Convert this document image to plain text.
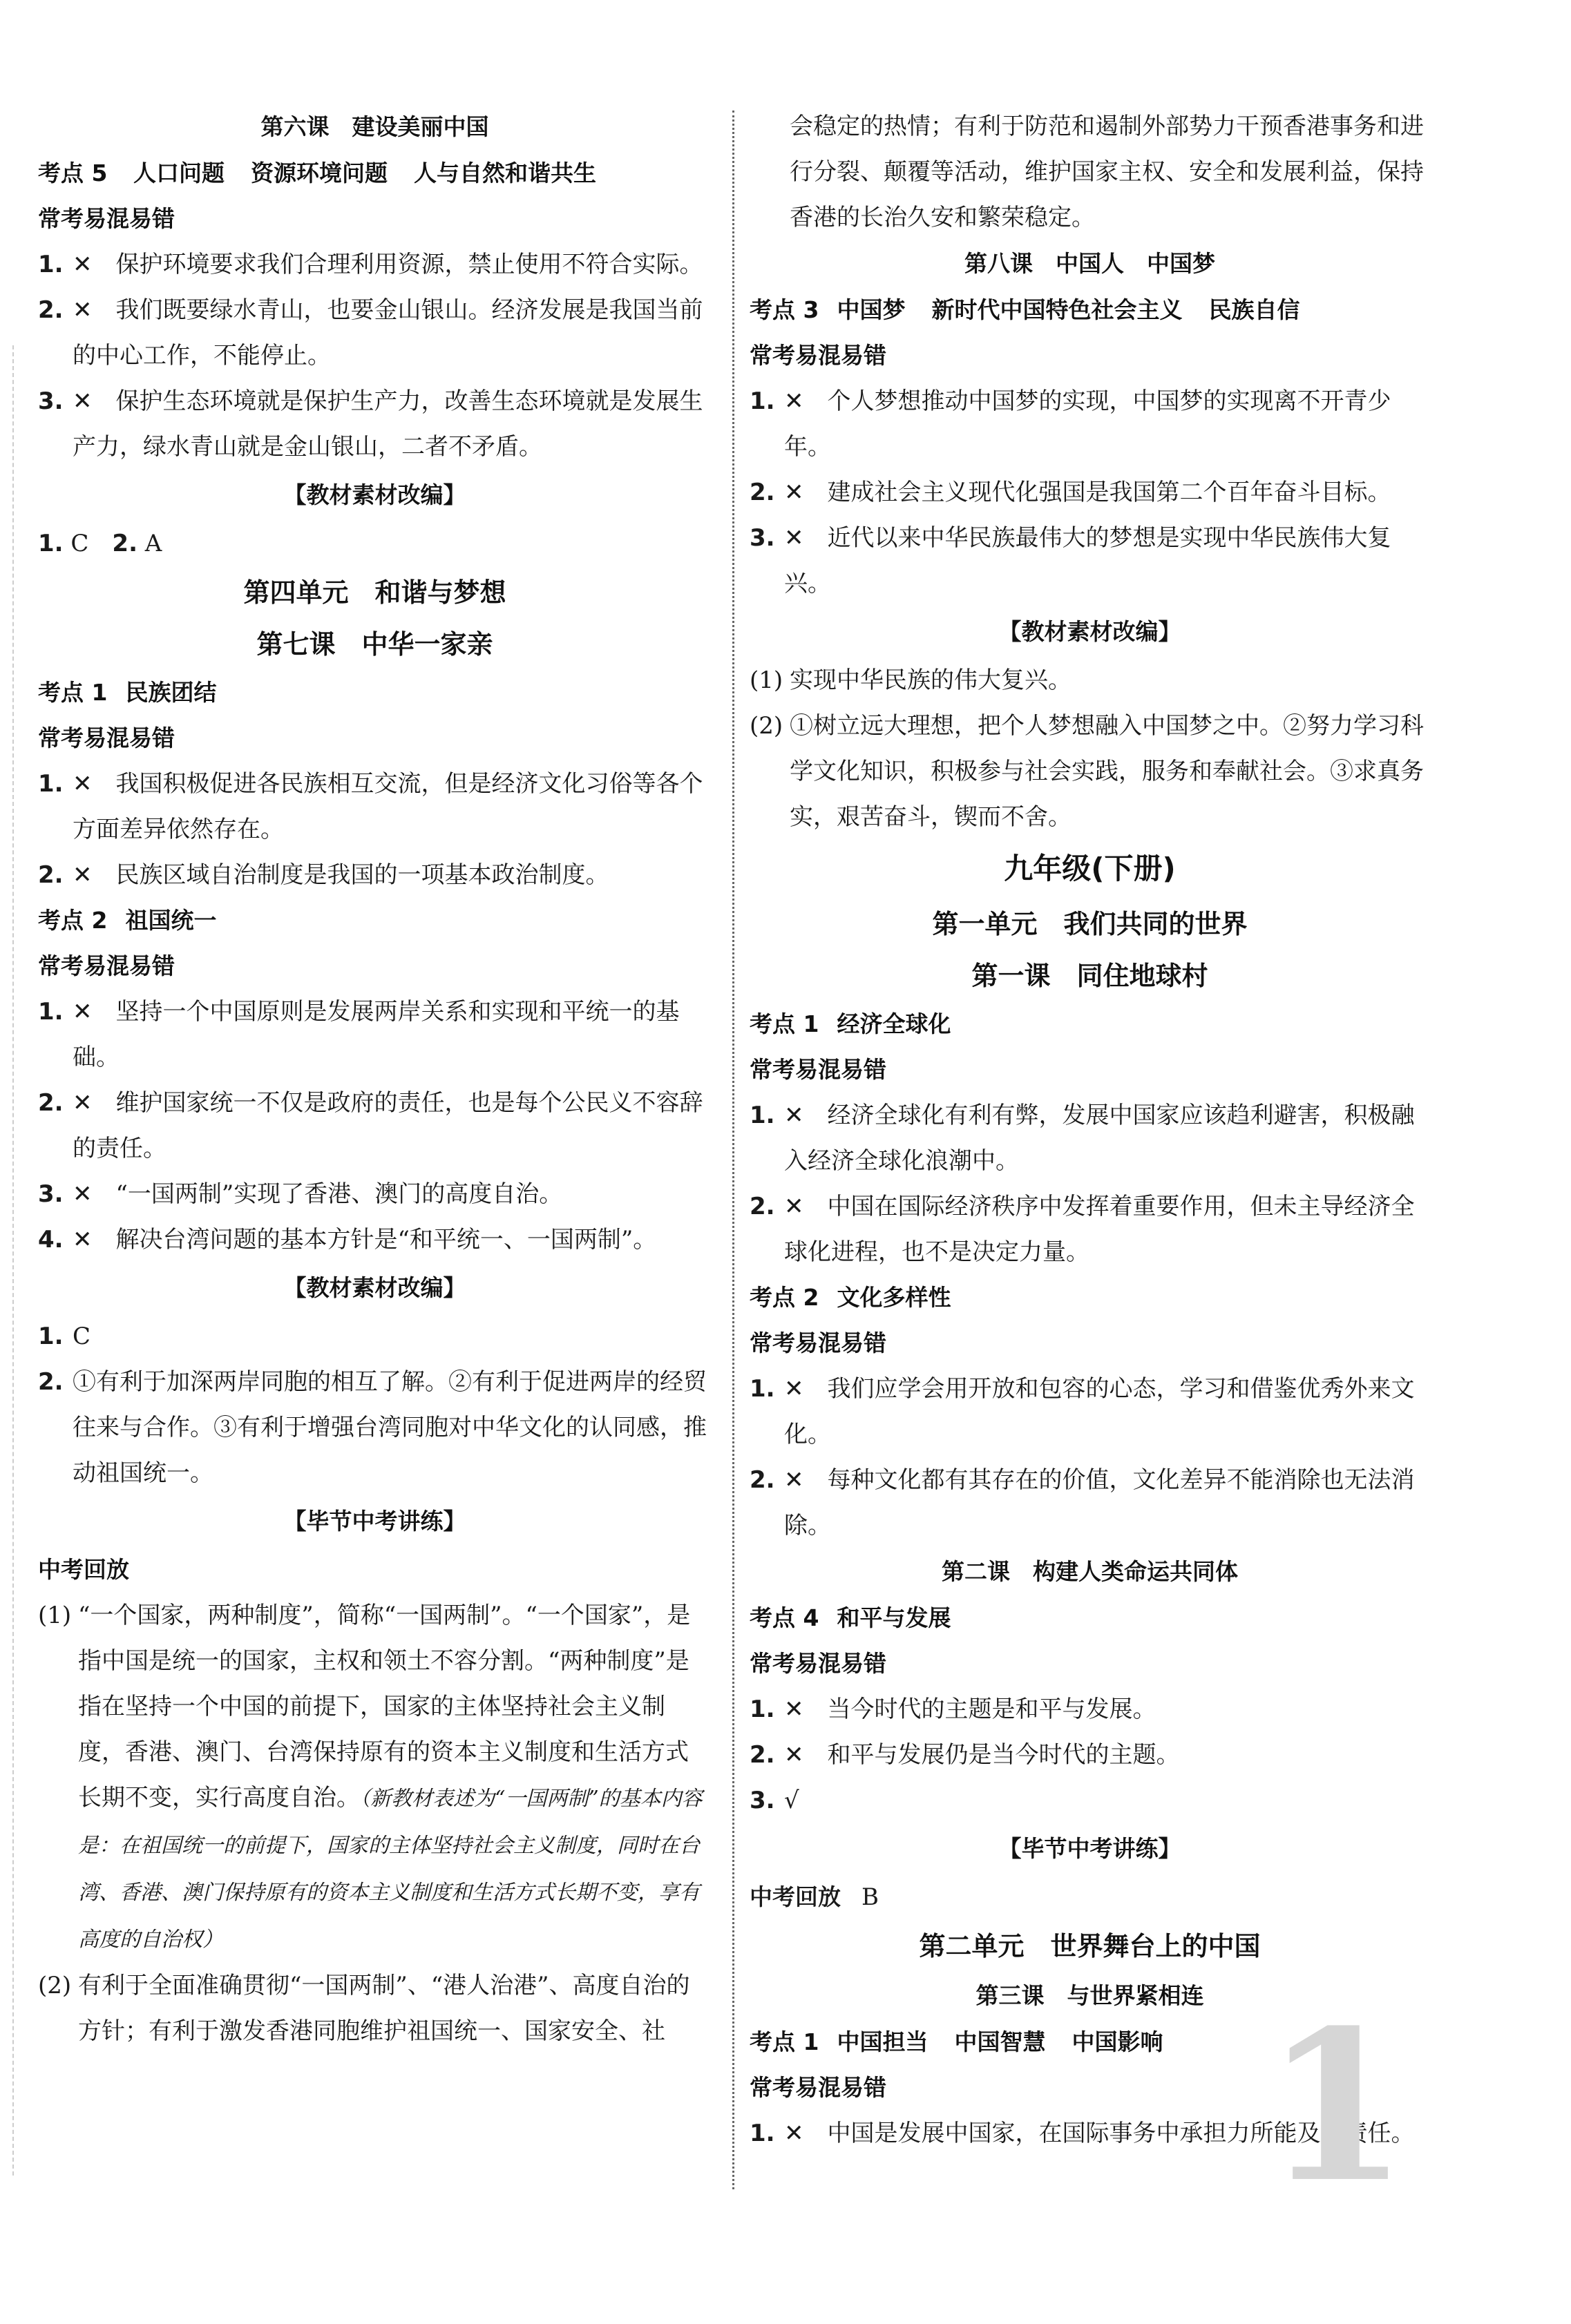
第六课　建设美丽中国
考点 5 人口问题 资源环境问题 人与自然和谐共生
常考易混易错
1. ✕　保护环境要求我们合理利用资源，禁止使用不符合实际。
2. ✕　我们既要绿水青山，也要金山银山。经济发展是我国当前的中心工作，不能停止。
3. ✕　保护生态环境就是保护生产力，改善生态环境就是发展生产力，绿水青山就是金山银山，二者不矛盾。
【教材素材改编】
1. C　 2. A
第四单元　和谐与梦想
第七课　中华一家亲
考点 1 民族团结
常考易混易错
1. ✕　我国积极促进各民族相互交流，但是经济文化习俗等各个方面差异依然存在。
2. ✕　民族区域自治制度是我国的一项基本政治制度。
考点 2 祖国统一
常考易混易错
1. ✕　坚持一个中国原则是发展两岸关系和实现和平统一的基础。
2. ✕　维护国家统一不仅是政府的责任，也是每个公民义不容辞的责任。
3. ✕　“一国两制”实现了香港、澳门的高度自治。
4. ✕　解决台湾问题的基本方针是“和平统一、一国两制”。
【教材素材改编】
1. C
2. ①有利于加深两岸同胞的相互了解。②有利于促进两岸的经贸往来与合作。③有利于增强台湾同胞对中华文化的认同感，推动祖国统一。
【毕节中考讲练】
中考回放
(1) “一个国家，两种制度”，简称“一国两制”。“一个国家”，是指中国是统一的国家，主权和领土不容分割。“两种制度”是指在坚持一个中国的前提下，国家的主体坚持社会主义制度，香港、澳门、台湾保持原有的资本主义制度和生活方式长期不变，实行高度自治。（新教材表述为“一国两制”的基本内容是：在祖国统一的前提下，国家的主体坚持社会主义制度，同时在台湾、香港、澳门保持原有的资本主义制度和生活方式长期不变，享有高度的自治权）
(2) 有利于全面准确贯彻“一国两制”、“港人治港”、高度自治的方针；有利于激发香港同胞维护祖国统一、国家安全、社
会稳定的热情；有利于防范和遏制外部势力干预香港事务和进行分裂、颠覆等活动，维护国家主权、安全和发展利益，保持香港的长治久安和繁荣稳定。
第八课　中国人　中国梦
考点 3 中国梦 新时代中国特色社会主义 民族自信
常考易混易错
1. ✕　个人梦想推动中国梦的实现，中国梦的实现离不开青少年。
2. ✕　建成社会主义现代化强国是我国第二个百年奋斗目标。
3. ✕　近代以来中华民族最伟大的梦想是实现中华民族伟大复兴。
【教材素材改编】
(1) 实现中华民族的伟大复兴。
(2) ①树立远大理想，把个人梦想融入中国梦之中。②努力学习科学文化知识，积极参与社会实践，服务和奉献社会。③求真务实，艰苦奋斗，锲而不舍。
九年级(下册)
第一单元　我们共同的世界
第一课　同住地球村
考点 1 经济全球化
常考易混易错
1. ✕　经济全球化有利有弊，发展中国家应该趋利避害，积极融入经济全球化浪潮中。
2. ✕　中国在国际经济秩序中发挥着重要作用，但未主导经济全球化进程，也不是决定力量。
考点 2 文化多样性
常考易混易错
1. ✕　我们应学会用开放和包容的心态，学习和借鉴优秀外来文化。
2. ✕　每种文化都有其存在的价值，文化差异不能消除也无法消除。
第二课　构建人类命运共同体
考点 4 和平与发展
常考易混易错
1. ✕　当今时代的主题是和平与发展。
2. ✕　和平与发展仍是当今时代的主题。
3. √
【毕节中考讲练】
中考回放 B
第二单元　世界舞台上的中国
第三课　与世界紧相连
考点 1 中国担当 中国智慧 中国影响
常考易混易错
1. ✕　中国是发展中国家，在国际事务中承担力所能及的责任。
1
